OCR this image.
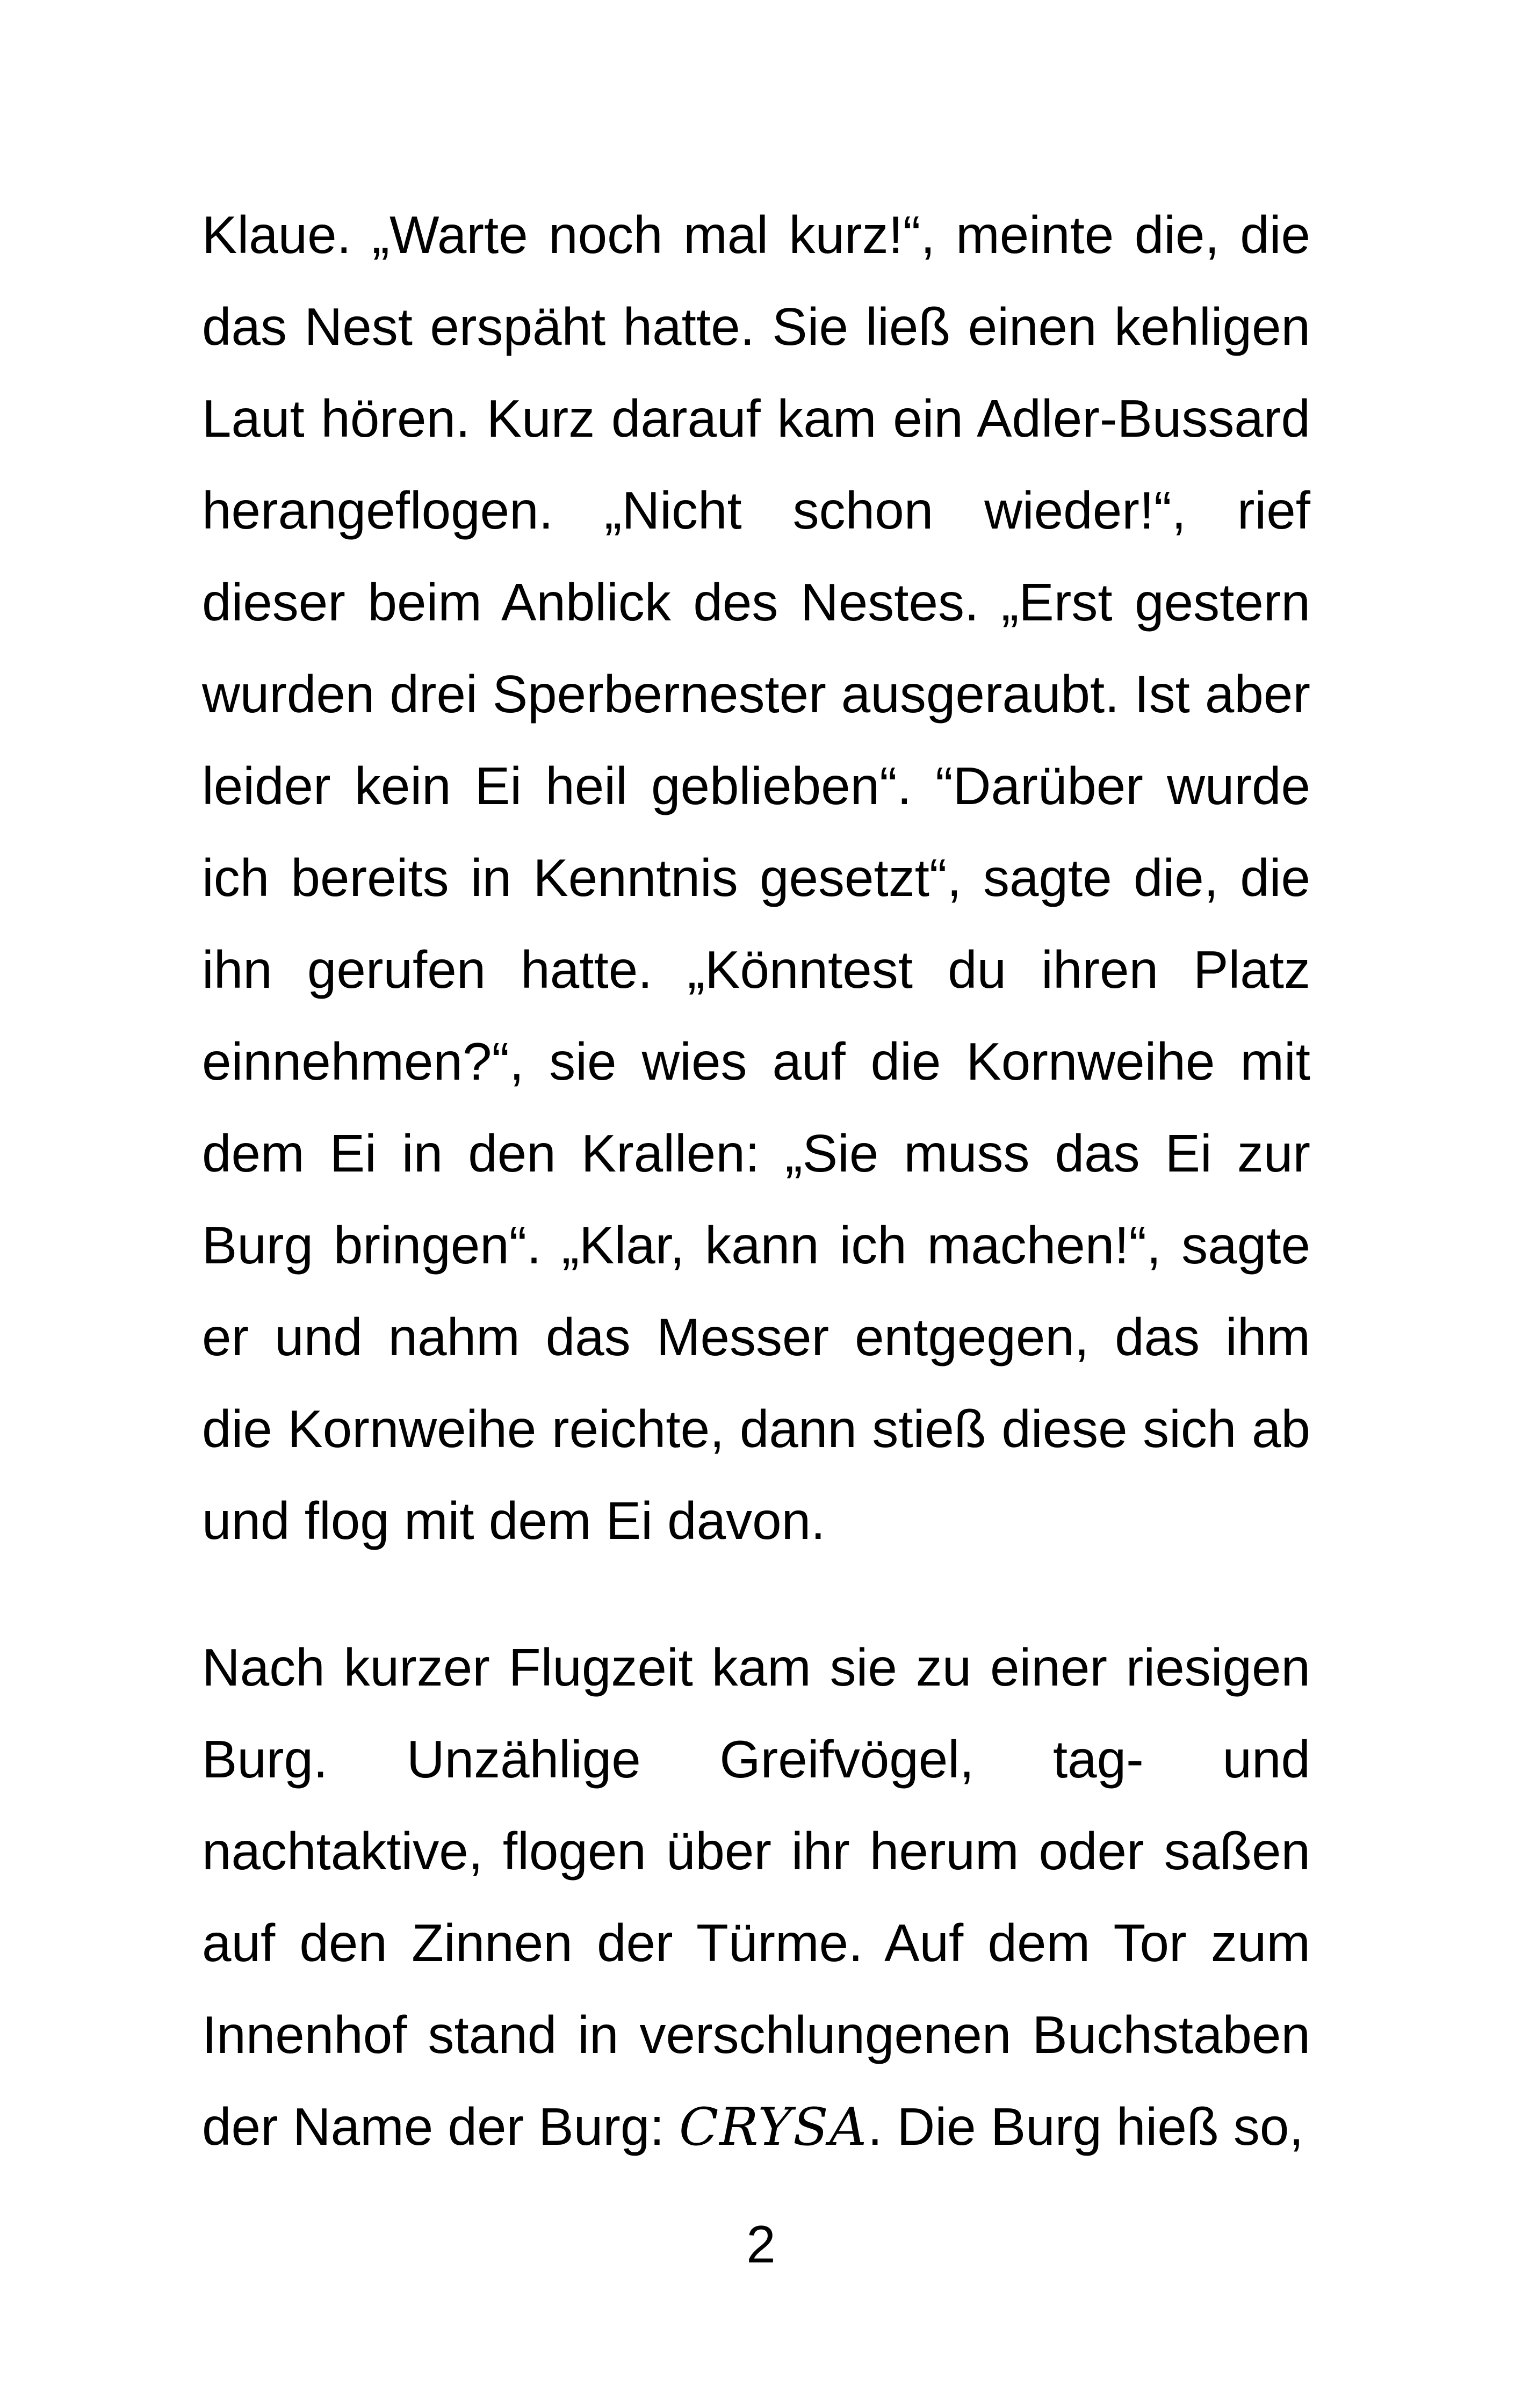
Klaue. „Warte noch mal kurz!“, meinte die, die das Nest erspäht hatte. Sie ließ einen kehligen Laut hören. Kurz darauf kam ein Adler-Bussard herangeflogen. „Nicht schon wieder!“, rief dieser beim Anblick des Nestes. „Erst gestern wurden drei Sperbernester ausgeraubt. Ist aber leider kein Ei heil geblieben“. “Darüber wurde ich bereits in Kenntnis gesetzt“, sagte die, die ihn gerufen hatte. „Könntest du ihren Platz einnehmen?“, sie wies auf die Kornweihe mit dem Ei in den Krallen: „Sie muss das Ei zur Burg bringen“. „Klar, kann ich machen!“, sagte er und nahm das Messer entgegen, das ihm die Kornweihe reichte, dann stieß diese sich ab und flog mit dem Ei davon.

Nach kurzer Flugzeit kam sie zu einer riesigen Burg. Unzählige Greifvögel, tag- und nachtaktive, flogen über ihr herum oder saßen auf den Zinnen der Türme. Auf dem Tor zum Innenhof stand in verschlungenen Buchstaben der Name der Burg: CRYSA. Die Burg hieß so,

2
